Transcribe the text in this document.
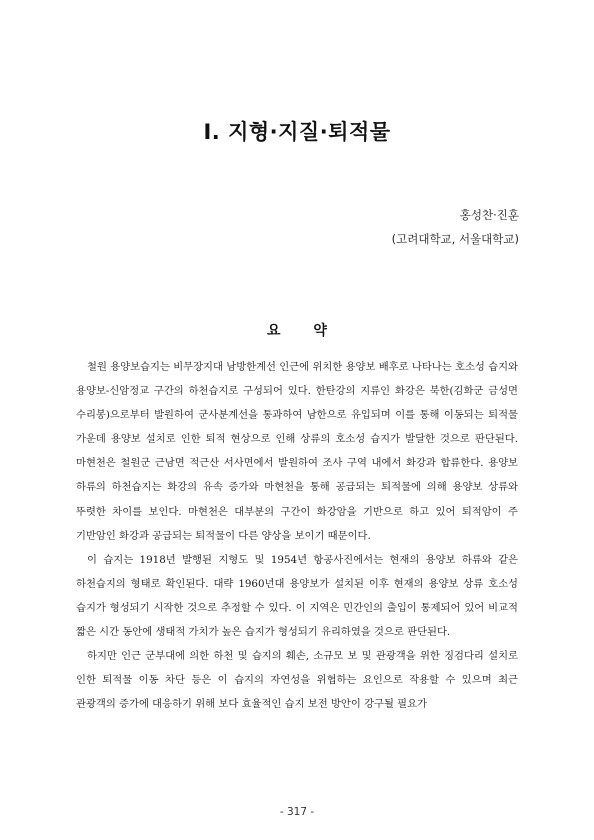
Ⅰ. 지형·지질·퇴적물
홍성찬·진훈
(고려대학교, 서울대학교)
요 약

철원 용양보습지는 비무장지대 남방한계선 인근에 위치한 용양보 배후로 나타나는 호소성 습지와 용양보-신암정교 구간의 하천습지로 구성되어 있다. 한탄강의 지류인 화강은 북한(김화군 금성면 수리봉)으로부터 발원하여 군사분계선을 통과하여 남한으로 유입되며 이를 통해 이동되는 퇴적물 가운데 용양보 설치로 인한 퇴적 현상으로 인해 상류의 호소성 습지가 발달한 것으로 판단된다. 마현천은 철원군 근남면 적근산 서사면에서 발원하여 조사 구역 내에서 화강과 합류한다. 용양보 하류의 하천습지는 화강의 유속 증가와 마현천을 통해 공급되는 퇴적물에 의해 용양보 상류와 뚜렷한 차이를 보인다. 마현천은 대부분의 구간이 화강암을 기반으로 하고 있어 퇴적암이 주 기반암인 화강과 공급되는 퇴적물이 다른 양상을 보이기 때문이다.

이 습지는 1918년 발행된 지형도 및 1954년 항공사진에서는 현재의 용양보 하류와 같은 하천습지의 형태로 확인된다. 대략 1960년대 용양보가 설치된 이후 현재의 용양보 상류 호소성 습지가 형성되기 시작한 것으로 추정할 수 있다. 이 지역은 민간인의 출입이 통제되어 있어 비교적 짧은 시간 동안에 생태적 가치가 높은 습지가 형성되기 유리하였을 것으로 판단된다.

하지만 인근 군부대에 의한 하천 및 습지의 훼손, 소규모 보 및 관광객을 위한 징검다리 설치로 인한 퇴적물 이동 차단 등은 이 습지의 자연성을 위협하는 요인으로 작용할 수 있으며 최근 관광객의 증가에 대응하기 위해 보다 효율적인 습지 보전 방안이 강구될 필요가

- 317 -
